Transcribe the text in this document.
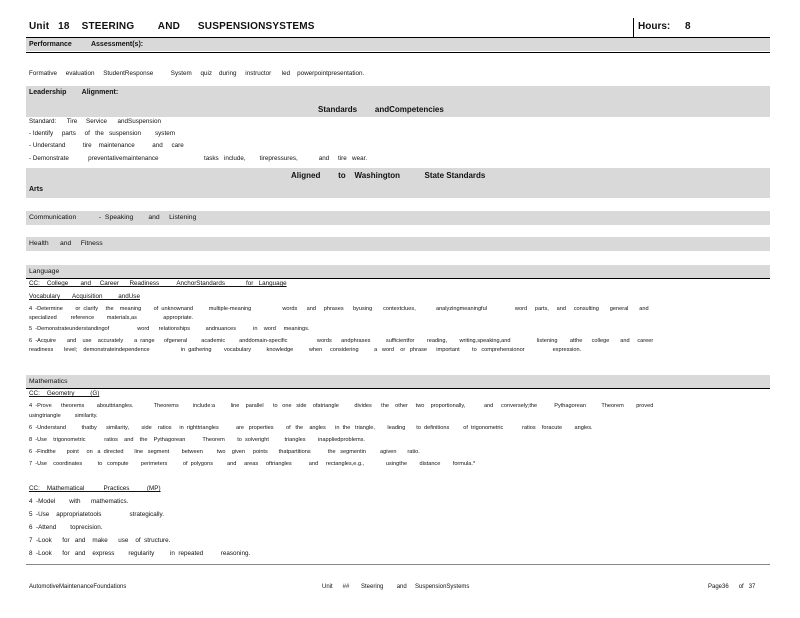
Unit   18    STEERING        AND      SUSPENSIONSYSTEMS	Hours: 8
Performance          Assessment(s):
Formative     evaluation     StudentResponse          System     quiz    during     instructor      led    powerpointpresentation.
Leadership        Alignment:
Standards        andCompetencies
Standard:      Tire     Service      andSuspension
- Identify     parts     of   the   suspension        system
- Understand          tire    maintenance          and     care
- Demonstrate           preventativemaintenance                          tasks   include,        tirepressures,            and     tire   wear.
Aligned        to    Washington           State Standards
Arts
Communication            -  Speaking        and     Listening
Health      and     Fitness
Language
CC:    College       and     Career      Readiness          AnchorStandards            for   Language
Vocabulary       Acquisition         andUse
4  -Determine        or  clarify     the    meaning        of  unknownand          multiple-meaning                    words      and     phrases      byusing       contextclues,             analyzingmeaningful                  word     parts,     and     consulting       general       and
specialized         reference        materials,as                 appropriate.
5  -Demonstrateunderstandingof                  word      relationships          andnuances           in    word     meanings.
6  -Acquire       and    use    accurately       a  range      ofgeneral         academic         anddomain-specific                   words      andphrases          sufficientfor        reading,        writing,speaking,and                 listening        atthe      college       and     career
readiness       level;    demonstrateindependence                    in  gathering        vocabulary          knowledge          when     considering          a   word    or   phrase      important        to   comprehensionor                  expression.
Mathematics
CC:    Geometry         (G)
4  -Prove      theorems        abouttriangles.             Theorems         include:a          line    parallel      to   one   side    ofatriangle          divides      the    other     two    proportionally,            and     conversely;the           Pythagorean          Theorem        proved
usingtriangle         similarity.
6  -Understand          thatby      similarity,        side    ratios     in  righttriangles           are   properties        of   the    angles      in  the   triangle,        leading       to  definitions         of  trigonometric            ratios    foracute        angles.
8  -Use    trigonometric            ratios    and    the    Pythagorean           Theorem        to  solveright          triangles        inappliedproblems.
6  -Findthe       point     on   a  directed       line   segment        between         two    given     points       thatpartitions           the   segmentin         agiven       ratio.
7  -Use    coordinates          to   compute        perimeters          of  polygons         and     areas     oftriangles           and     rectangles,e.g.,              usingthe        distance        formula.*
CC:    Mathematical           Practices          (MP)
4  -Model        with      mathematics.
5  -Use    appropriatetools                strategically.
6  -Attend        toprecision.
7  -Look      for   and    make      use    of  structure.
8  -Look      for   and    express        regularity         in  repeated          reasoning.
AutomotiveMaintenanceFoundations	Unit      ##       Steering        and     SuspensionSystems	Page36      of   37
